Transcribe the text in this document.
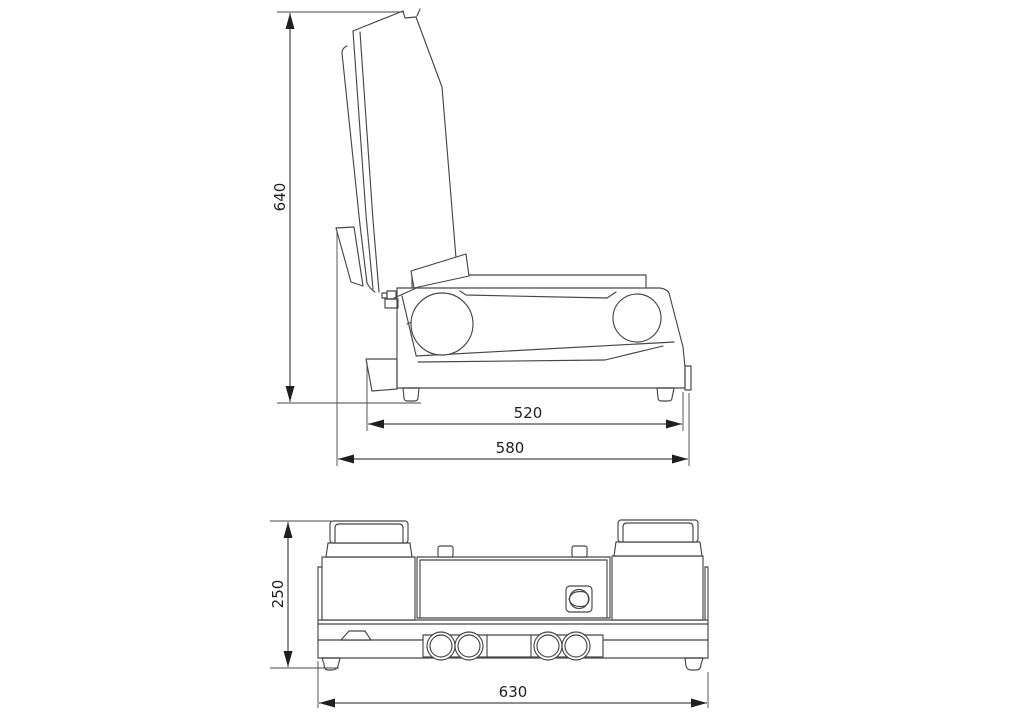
640
520
580
250
630
